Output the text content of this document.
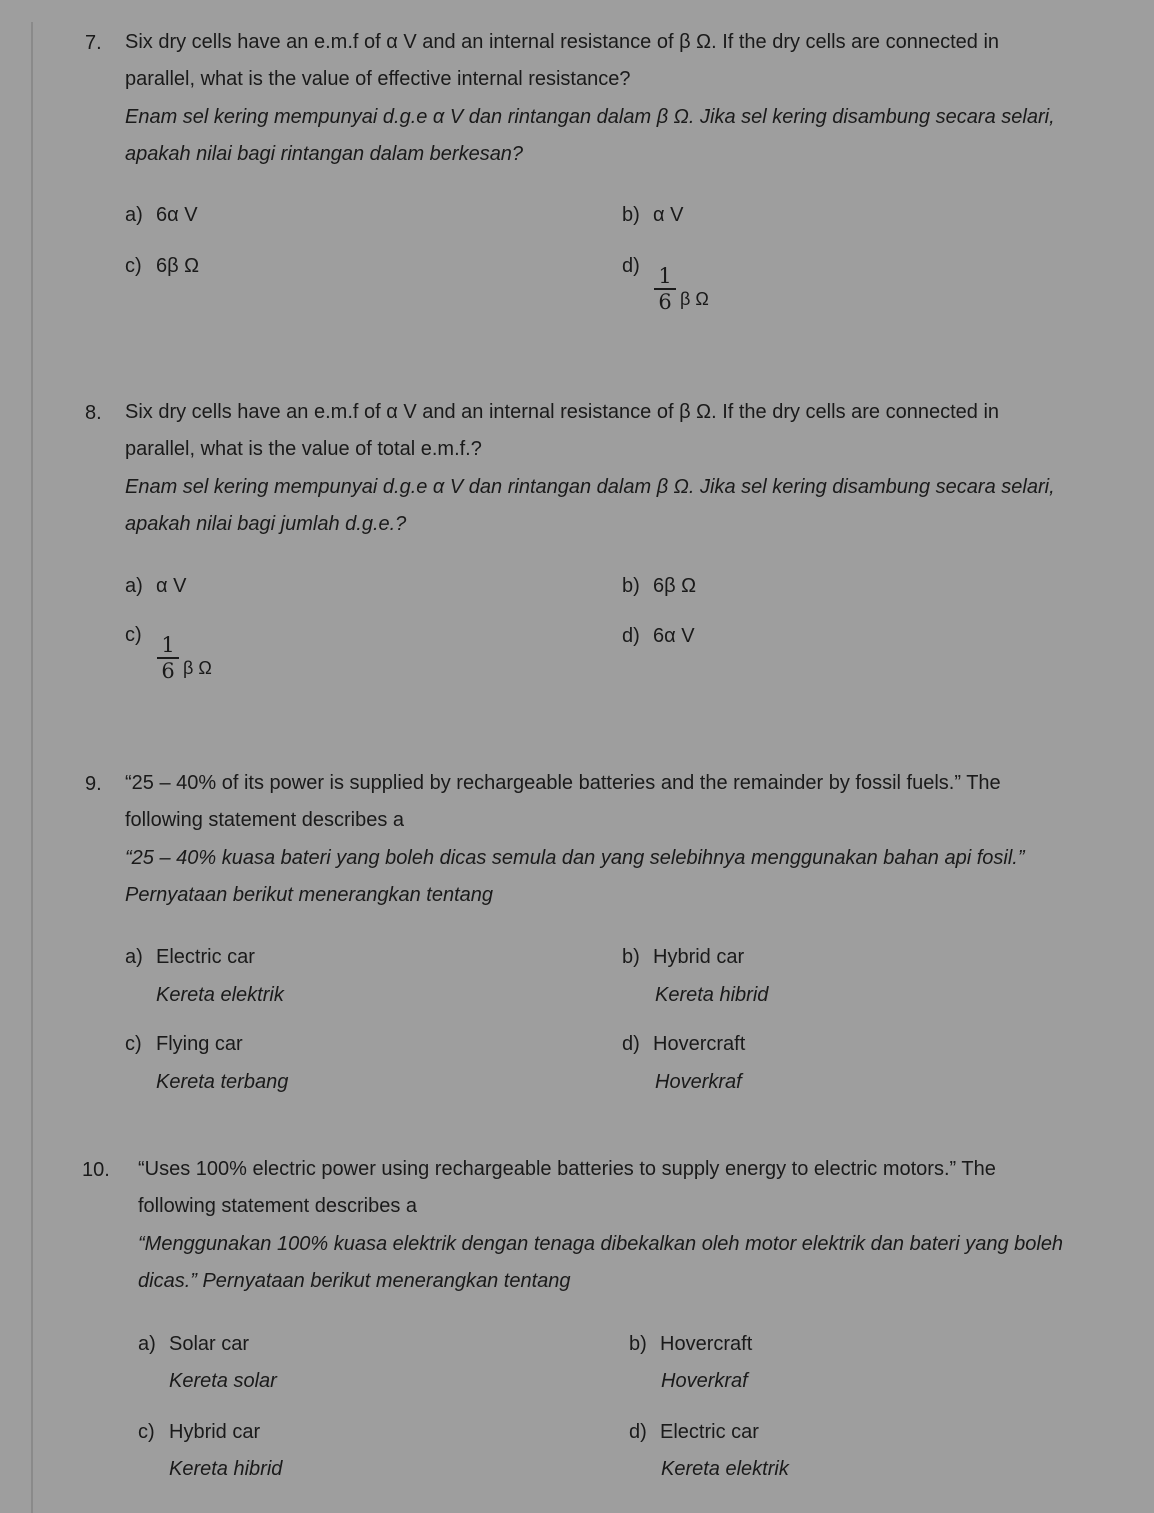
7. Six dry cells have an e.m.f of α V and an internal resistance of β Ω. If the dry cells are connected in
parallel, what is the value of effective internal resistance?
Enam sel kering mempunyai d.g.e α V dan rintangan dalam β Ω. Jika sel kering disambung secara selari,
apakah nilai bagi rintangan dalam berkesan?
a) 6α V	b) α V
c) 6β Ω	d) 1
6 β Ω
8. Six dry cells have an e.m.f of α V and an internal resistance of β Ω. If the dry cells are connected in
parallel, what is the value of total e.m.f.?
Enam sel kering mempunyai d.g.e α V dan rintangan dalam β Ω. Jika sel kering disambung secara selari,
apakah nilai bagi jumlah d.g.e.?
a) α V	b) 6β Ω
c) 1
6 β Ω
d) 6α V
9. “25 – 40% of its power is supplied by rechargeable batteries and the remainder by fossil fuels.” The
following statement describes a
“25 – 40% kuasa bateri yang boleh dicas semula dan yang selebihnya menggunakan bahan api fosil.”
Pernyataan berikut menerangkan tentang
a) Electric car
Kereta elektrik
b) Hybrid car
Kereta hibrid
c) Flying car
Kereta terbang
d) Hovercraft
Hoverkraf
10. “Uses 100% electric power using rechargeable batteries to supply energy to electric motors.” The
following statement describes a
“Menggunakan 100% kuasa elektrik dengan tenaga dibekalkan oleh motor elektrik dan bateri yang boleh
dicas.” Pernyataan berikut menerangkan tentang
a) Solar car
Kereta solar
b) Hovercraft
Hoverkraf
c) Hybrid car
Kereta hibrid
d) Electric car
Kereta elektrik
